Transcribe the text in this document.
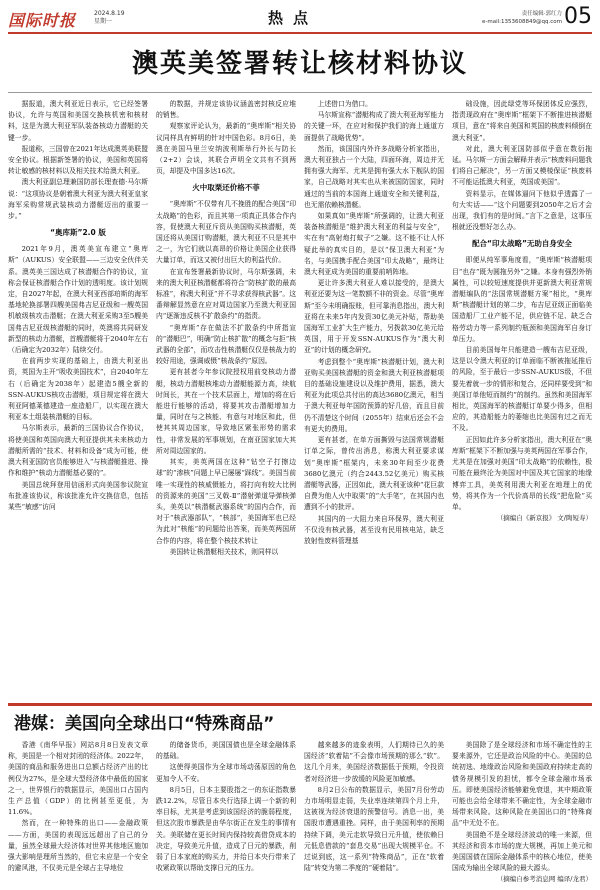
国际时报	2024.8.19
星期一	热点	责任编辑·郭红力
e-mail:1353608849@qq.com 05
澳英美签署转让核材料协议

据报道，澳大利亚近日表示，它已经签署协议，允许与英国和美国交换核机密和核材料，这是为澳大利亚军队装备核动力潜艇的关键一步。

报道称，三国曾在2021年达成澳英美联盟安全协议。根据新签署的协议，美国和英国将转让敏感的核材料以及相关技术给澳大利亚。

澳大利亚副总理兼国防部长理查德·马尔斯说：“这项协议是朝着澳大利亚为澳大利亚皇家海军采购常规武装核动力潜艇迈出的重要一步。”

“奥库斯”2.0 版

2021年9月，澳英美宣布建立“奥库斯”（AUKUS）安全联盟——三边安全伙伴关系。澳英美三国达成了核潜艇合作的协议，宣称会保证核潜艇合作计划的透明度。该计划规定，自2027年起，在澳大利亚西部珀斯的海军基地轮换部署四艘美国弗吉尼亚级和一艘英国机敏级核攻击潜艇；在澳大利亚采购3至5艘美国弗吉尼亚级核潜艇的同时，英澳将共同研发新型的核动力潜艇，首艘潜艇将于2040年左右（后确定为2032年）陆续交付。

在前两步实现的基础上，由澳大利亚出资，英国为主开“吸收美国技术”，自2040年左右（后确定为2038年）起建造5艘全新的SSN-AUKUS核攻击潜艇，项目规定将在澳大利亚阿德莱德建造一座造船厂，以实现在澳大利亚本土组装核潜艇的目标。

马尔斯表示，最新的三国协议合作协议，将使美国和英国向澳大利亚提供其未来核动力潜艇所需的“技术、材料和设备”成为可能，使澳大利亚国防官员能够进入“与核潜艇推进、操作和维护”核动力潜艇基必要的”。

美国总统拜登用信函形式向美国参议院宣布批准该协议，称该批准允许交换信息，包括某些“敏感”访问

的数据，并规定该协议涵盖密封核反应堆的销售。

观察家评论认为，最新的“奥库斯”相关协议同样具有鲜明的针对中国色彩。8月6日，美澳在美国马里兰安纳波利斯举行外长与防长（2+2）会谈，其联合声明全文共有不到两页，却提及中国多达16次。

火中取栗还价格不菲

“奥库斯”不仅带有几不挽胜的配合美国“印太战略”的色彩，而且其第一项真正具体合作内容，促使澳大利亚斥资从美国购买核潜艇，英国还将从美国订购潜艇，澳大利亚不只是其中之一，为它们就以高昂的价格让美国企业获得大量订单，而这又被付出巨大的利益代价。

在宣布签署最新协议时，马尔斯强调，未来的澳大利亚核潜艇都将符合“防核扩散的最高标准”，称澳大利亚“并不寻求获得核武器”。这番辩解显然意在应对周边国家乃至澳大利亚国内“逐渐违反核不扩散条约”的指责。

“奥库斯”存在做法不扩散条约中所指宣的“潜艇巴”，明确“防止核扩散”的概念与拒“核武器的全部”，而攻击性核潜艇仅仅是核战力的较好用途，强调威慑“核战条约”原因。

更有甚者今年参议院授权用前变核动力潜艇，核动力潜艇核堆动力潜艇能源力高，续航时间长，其在一个技术层面上，增加的将在后能进行能够的活动，将要其攻击潜艇增加力量，同时在与之核能、有意与对地区和此，但使其其周边国家，导致地区紧张形势的需求性，非常发展的军事规划，在南亚国家加大其所对周边国家的。

其实，美英两国在这种“钻空子打擦边球”的“渗核”问题上早已屡屡“踩线”。美国当前唯一实现性的核威慑能力，将打向有较大比例的资源来的美国“三叉戟-Ⅱ”潜射弹道导弹核弹头，美英以“核潜艇武器系统”的国内合作，而对于“核武器部队”，“核部”，美国海军也已经为此对“核能”的问题给出答案，而美英两国所合作的内容，将在整个核技术转让

美国转让核潜艇相关技术，则同样以

上述借口为借口。

马尔斯宣称“潜艇构成了澳大利亚海军能力的关键一环，在应对和保护我们的海上通道方面提供了战略优势”。

然而，该国国内外许多战略分析家指出，澳大利亚独占一个大陆，四面环海，周边并无拥有强大海军、尤其是拥有强大水下舰队的国家，自己战略对其实也从来被国防国家，同时通过的当前的本国海上通道安全和关键利益，也无需依赖核潜艇。

如果真如“奥库斯”所强调的，让澳大利亚装备核潜艇是“维护澳大利亚的利益与安全”，实在有“高射炮打蚊子”之嫌。这不能不让人怀疑此举的真实目的，是以“保卫澳大利亚”为名，与美国携手配合美国“印太战略”，最终让澳大利亚成为美国的重要前哨阵地。

更让许多澳大利亚人难以接受的，是澳大利亚还要为这一笔数额不非的资金。尽管“奥库斯”至今未明确报账，但可靠消息指出，澳大利亚将在未来5年内发资30亿美元补贴，帮助美国海军工业扩大生产能力，另拨款30亿美元给英国，用于开发SSN-AUKUS作为“澳大利亚”的计划的概念研究。

考虑到整个“奥库斯”核潜艇计划，澳大利亚购买美国核潜艇的资金和澳大利亚核潜艇项目的基础设施建设以及维护费用，据悉，澳大利亚为此项总共付出的高达3680亿澳元，相当于澳大利亚每年国防预算的好几倍，而且目前仍不清楚这个时间（2055年）结束后还会不会有更大的费用。

更有甚者，在单方面撕毁与法国常规潜艇订单之际，曾传出消息，称澳大利亚要求谋划“奥库斯”框架内，未来30年间至少花费3680亿澳元（约合2443.52亿美元）购买核潜艇等武器，正因如此，澳大利亚该种“花巨款自费为他人火中取栗”的“大手笔”，在其国内也遭到不小的批评。

其国内的一大阻力来自环保界，澳大利亚不仅没有核武器，甚至没有民用核电站，缺乏放射性废料管理基

础设施，因此绿党等环保团体反应强烈，指责现政府在“奥库斯”框架下不断推进核潜艇项目，意在“将来自美国和英国的核废料倾倒在澳大利亚”。

对此，澳大利亚国防部似乎意在数衍拖延。马尔斯一方面会解释并表示“核废料问题我们将自己解决”，另一方面又模棱保证“核废料不可能运抵澳大利亚，英国或美国”。

资料显示，在媒体逼问下他似乎透露了一句大实话——“这个问题要到2050年之后才会出现，我们有的是时间。”言下之意是，这事压根就还没想好怎么办。

配合“印太战略”无助自身安全

即便从纯军事角度看，“奥库斯”核潜艇项目“也存”既为圆拖另外”之嫌。本身有强烈外销属性，可以较短速度提供并更新澳大利亚常规潜艇编队的“法国常规潜艇方案”相比，“奥库斯”核潜艇计划的第二步，布吉尼亚级正面临美国造船厂工业产能不足，供应链不足、缺乏合格劳动力等一系列制约瓶颈和美国海军自身订单压力。

目前美国每年只能建造一艘布吉尼亚级，这是以令澳大利亚的订单面临不断被拖延推后的风险，至于最后一步SSN-AUKUS级，不但要先着就一步的情形和复合，还同样要受到“和美国订单他短而制约”的制约。虽然和美国海军相比，英国海军的核潜艇订单要少得多，但相应的，其造船能力的萎缩也比美国有过之而无不及。

正因如此许多分析家指出，澳大利亚在“奥库斯”框架下不断加强与美英两国在军事合作，尤其是在加强对美国“印太战略”的依赖性，极可能在最终沦为美国对中国及其它国家的地缘博弈工具，美英利用澳大利亚在地理上的优势，将其作为一个代价高昂的长线“把危险”买单。

（摘编自《新京报》 文/陶短寿）
港媒：美国向全球出口“特殊商品”

香港《南华早报》网站8月8日发表文章称，美国是一个相对封闭的经济体。2022年，美国的商品和服务进出口总额占经济产出的比例仅为27%，是全球大型经济体中最低的国家之一，世界银行的数据显示，美国出口占国内生产总值（GDP）的比例甚至更低，为11.6%。

然而，在一种特殊的出口——金融政策——方面，美国的表现远远超出了自己的分量，虽然全球最大经济体对世界其他地区施加强大影响是理所当然的，但它未应是一个安全的避风港，不仅美元是全球占主导地位

的储备货币，美国国债也是全球金融体系的基础。

这使得美国作为全球市场动荡原因的角色更加令人不安。

8月5日，日本主要股指之一的东证指数暴跌12.2%，尽管日本央行选择上调一个新的利率目标，尤其是考虑到该国经济的脆弱程度，但这次股市暴跌是由华尔街正在发生的事情有关。美联储在更长时间内保持较高借贷成本的决定，导致美元升值，造成了日元的暴跌，削弱了日本家庭的购买力，并给日本央行带来了收紧政策以帮助支撑日元的压力。

越来越多的迹象表明，人们期待已久的美国经济“软着陆”不会像市场预期的那么“软”。这几个月来，美国经济数据低于预期，令投资者对经济进一步放缓的风险更加敏感。

8月2日公布的数据显示，美国7月份劳动力市场明显走弱，失业率连续第四个月上升，这被视为经济衰退的预警信号。消息一出，美国股市遭遇重挫。同样，由于美国利率的预期持续下调，美元走软导致日元升值，使依赖日元低息借款的“套息交易”出现大规模平仓。不过说到底，这一系列“特殊商品”，正在“软着陆”转变为第二季度的“硬着陆”。

美国除了是全球经济和市场不确定性的主要来源外，它还是政治风险的中心。美国的总统初选、地缘政治风险和美国政府持续走高的债务规模引发的担忧，都令全球金融市场承压。即使美国经济能够避免衰退，其中期政策可能也会给全球带来不确定性，为全球金融市场带来风险。这种风险在美国出口的“特殊商品”中无处不在。

美国绝不是全球经济波动的唯一来源，但其经济和资本市场的庞大规模，再加上美元和美国国债在国际金融体系中的核心地位，使美国成为输出全球风险的最大源头。

（摘编自参考消息网 编译/龙君）
